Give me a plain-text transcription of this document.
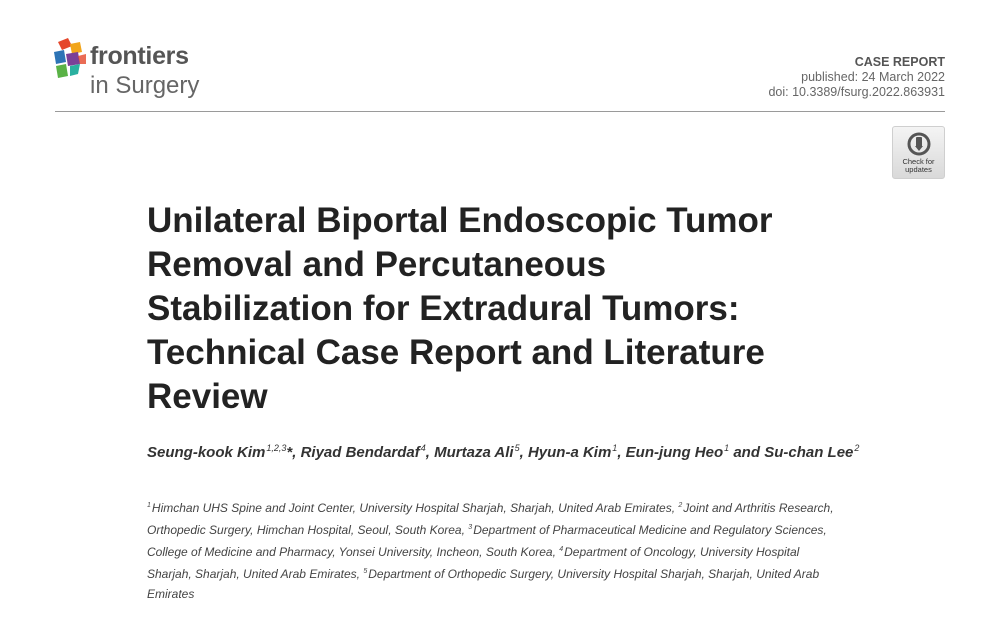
frontiers
in Surgery
CASE REPORT
published: 24 March 2022
doi: 10.3389/fsurg.2022.863931
Check for
updates
Unilateral Biportal Endoscopic Tumor
Removal and Percutaneous
Stabilization for Extradural Tumors:
Technical Case Report and Literature
Review
Seung-kook Kim$^{1,2,3}$*, Riyad Bendardaf$^4$, Murtaza Ali$^5$, Hyun-a Kim$^1$, Eun-jung Heo$^1$ and Su-chan Lee$^2$
$^1$Himchan UHS Spine and Joint Center, University Hospital Sharjah, Sharjah, United Arab Emirates, $^2$Joint and Arthritis Research, Orthopedic Surgery, Himchan Hospital, Seoul, South Korea, $^3$Department of Pharmaceutical Medicine and Regulatory Sciences, College of Medicine and Pharmacy, Yonsei University, Incheon, South Korea, $^4$Department of Oncology, University Hospital Sharjah, Sharjah, United Arab Emirates, $^5$Department of Orthopedic Surgery, University Hospital Sharjah, Sharjah, United Arab Emirates
